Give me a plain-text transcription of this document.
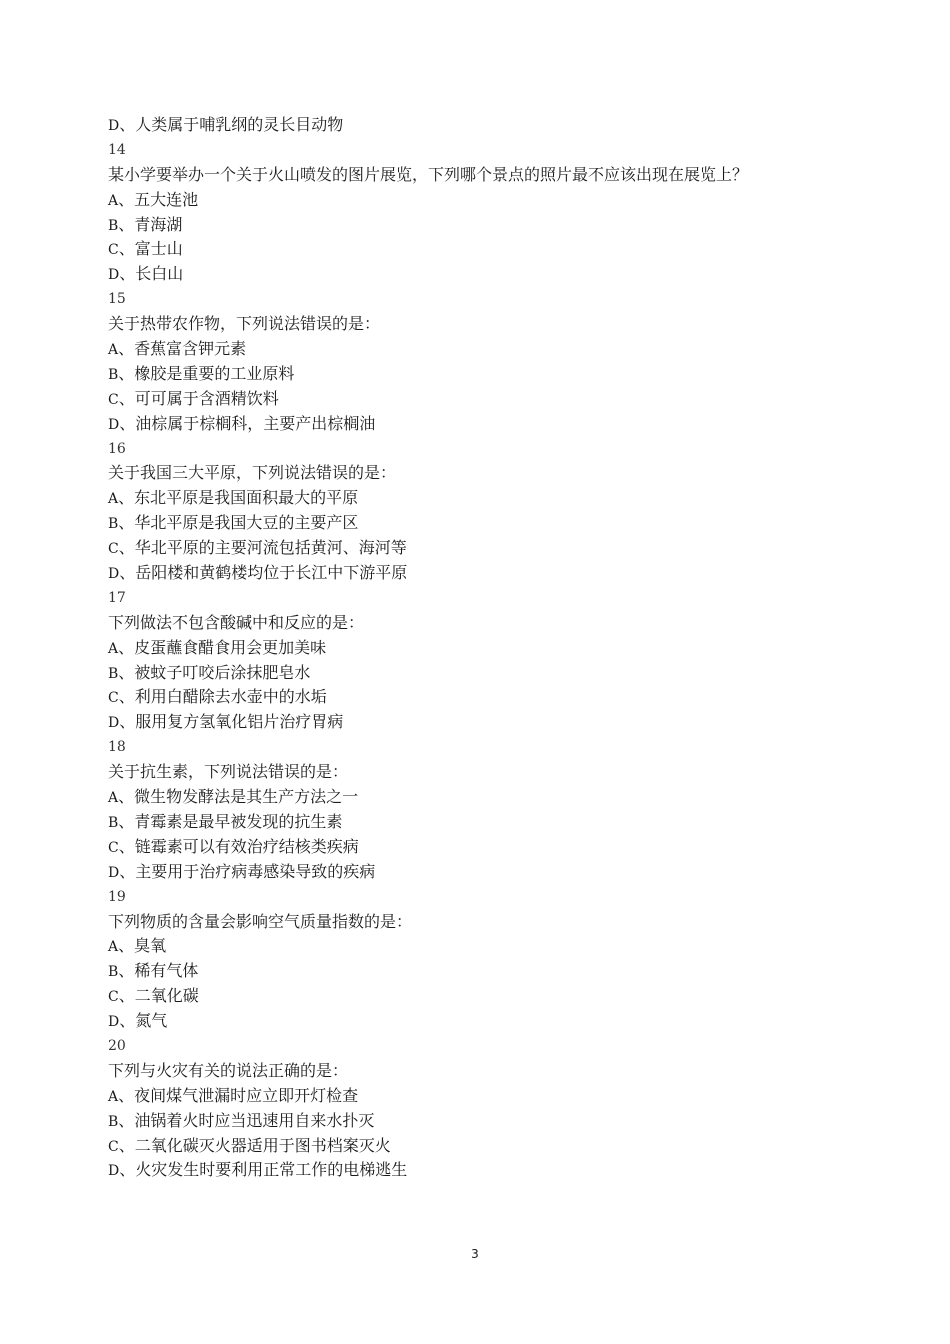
D、人类属于哺乳纲的灵长目动物
14
某小学要举办一个关于火山喷发的图片展览，下列哪个景点的照片最不应该出现在展览上？
A、五大连池
B、青海湖
C、富士山
D、长白山
15
关于热带农作物，下列说法错误的是：
A、香蕉富含钾元素
B、橡胶是重要的工业原料
C、可可属于含酒精饮料
D、油棕属于棕榈科，主要产出棕榈油
16
关于我国三大平原，下列说法错误的是：
A、东北平原是我国面积最大的平原
B、华北平原是我国大豆的主要产区
C、华北平原的主要河流包括黄河、海河等
D、岳阳楼和黄鹤楼均位于长江中下游平原
17
下列做法不包含酸碱中和反应的是：
A、皮蛋蘸食醋食用会更加美味
B、被蚊子叮咬后涂抹肥皂水
C、利用白醋除去水壶中的水垢
D、服用复方氢氧化铝片治疗胃病
18
关于抗生素，下列说法错误的是：
A、微生物发酵法是其生产方法之一
B、青霉素是最早被发现的抗生素
C、链霉素可以有效治疗结核类疾病
D、主要用于治疗病毒感染导致的疾病
19
下列物质的含量会影响空气质量指数的是：
A、臭氧
B、稀有气体
C、二氧化碳
D、氮气
20
下列与火灾有关的说法正确的是：
A、夜间煤气泄漏时应立即开灯检查
B、油锅着火时应当迅速用自来水扑灭
C、二氧化碳灭火器适用于图书档案灭火
D、火灾发生时要利用正常工作的电梯逃生
3
